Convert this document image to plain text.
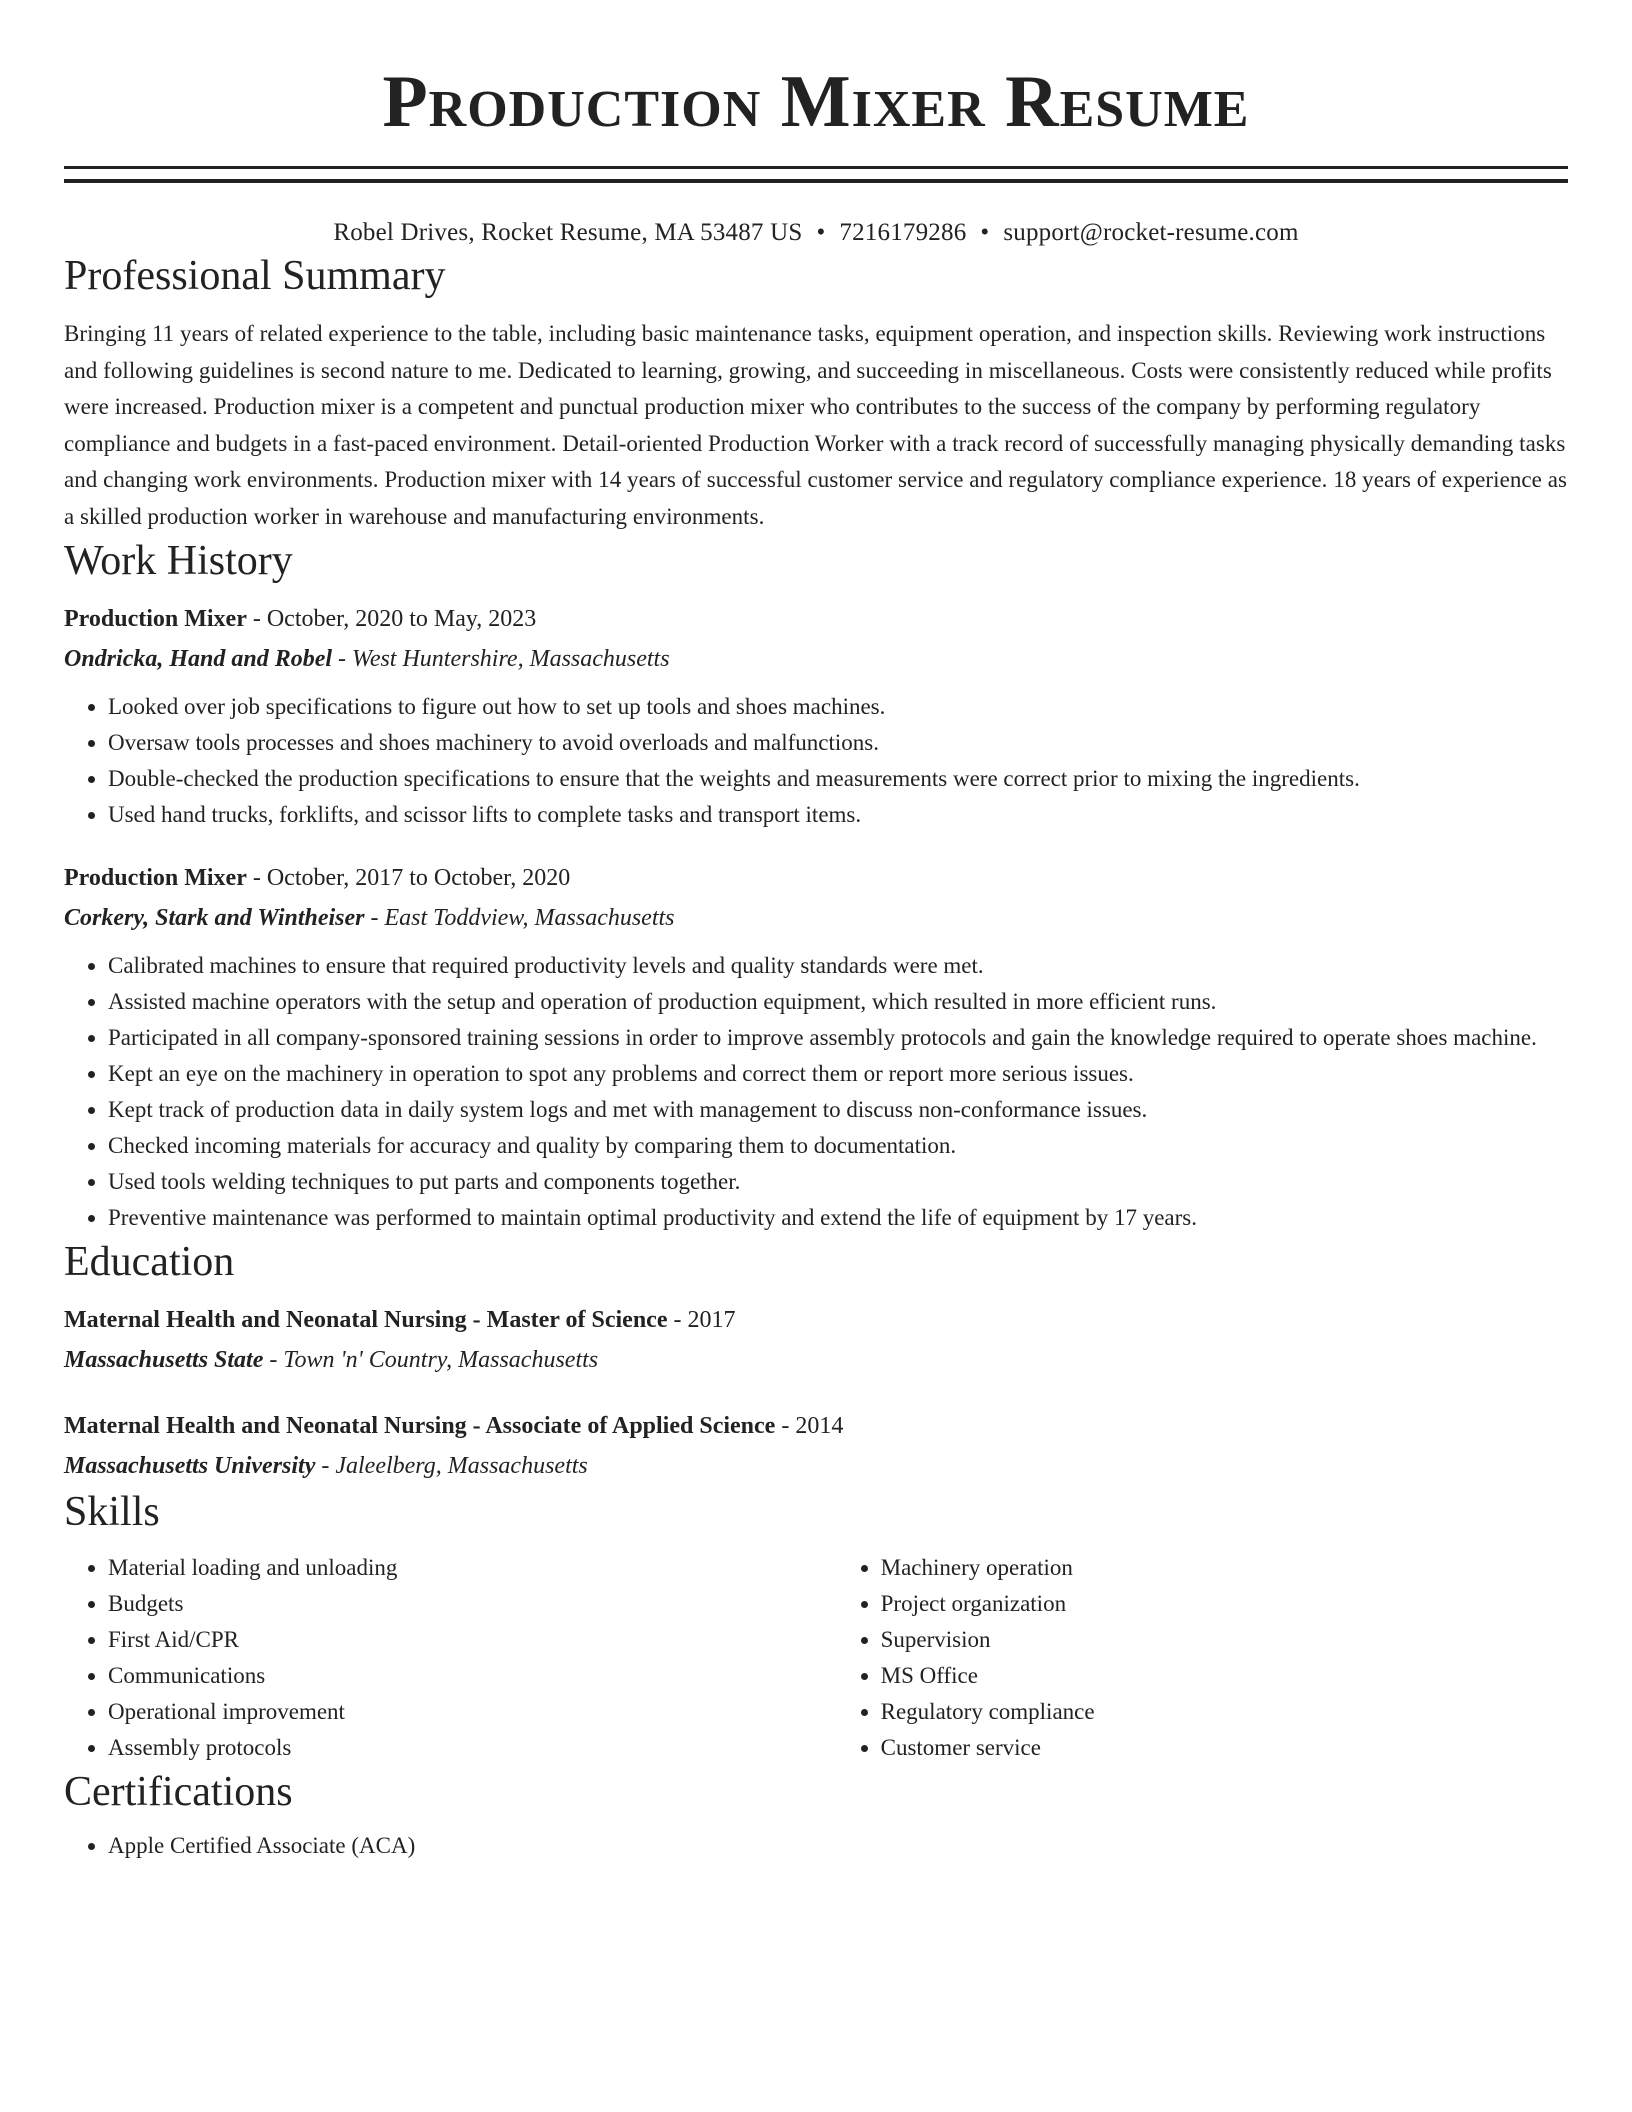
Production Mixer Resume
Robel Drives, Rocket Resume, MA 53487 US • 7216179286 • support@rocket-resume.com
Professional Summary
Bringing 11 years of related experience to the table, including basic maintenance tasks, equipment operation, and inspection skills. Reviewing work instructions and following guidelines is second nature to me. Dedicated to learning, growing, and succeeding in miscellaneous. Costs were consistently reduced while profits were increased. Production mixer is a competent and punctual production mixer who contributes to the success of the company by performing regulatory compliance and budgets in a fast-paced environment. Detail-oriented Production Worker with a track record of successfully managing physically demanding tasks and changing work environments. Production mixer with 14 years of successful customer service and regulatory compliance experience. 18 years of experience as a skilled production worker in warehouse and manufacturing environments.
Work History
Production Mixer - October, 2020 to May, 2023
Ondricka, Hand and Robel - West Huntershire, Massachusetts
• Looked over job specifications to figure out how to set up tools and shoes machines.
• Oversaw tools processes and shoes machinery to avoid overloads and malfunctions.
• Double-checked the production specifications to ensure that the weights and measurements were correct prior to mixing the ingredients.
• Used hand trucks, forklifts, and scissor lifts to complete tasks and transport items.
Production Mixer - October, 2017 to October, 2020
Corkery, Stark and Wintheiser - East Toddview, Massachusetts
• Calibrated machines to ensure that required productivity levels and quality standards were met.
• Assisted machine operators with the setup and operation of production equipment, which resulted in more efficient runs.
• Participated in all company-sponsored training sessions in order to improve assembly protocols and gain the knowledge required to operate shoes machine.
• Kept an eye on the machinery in operation to spot any problems and correct them or report more serious issues.
• Kept track of production data in daily system logs and met with management to discuss non-conformance issues.
• Checked incoming materials for accuracy and quality by comparing them to documentation.
• Used tools welding techniques to put parts and components together.
• Preventive maintenance was performed to maintain optimal productivity and extend the life of equipment by 17 years.
Education
Maternal Health and Neonatal Nursing - Master of Science - 2017
Massachusetts State - Town 'n' Country, Massachusetts
Maternal Health and Neonatal Nursing - Associate of Applied Science - 2014
Massachusetts University - Jaleelberg, Massachusetts
Skills
• Material loading and unloading
• Budgets
• First Aid/CPR
• Communications
• Operational improvement
• Assembly protocols
• Machinery operation
• Project organization
• Supervision
• MS Office
• Regulatory compliance
• Customer service
Certifications
• Apple Certified Associate (ACA)
